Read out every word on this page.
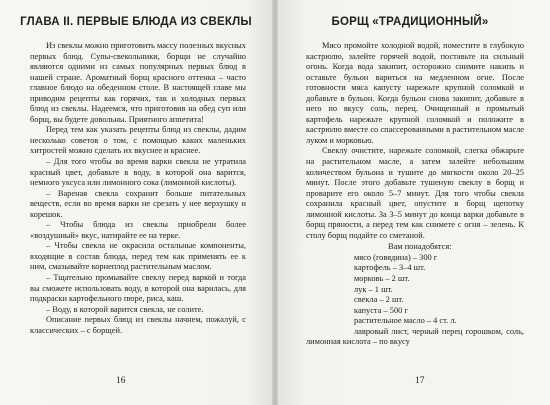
ГЛАВА II. ПЕРВЫЕ БЛЮДА ИЗ СВЕКЛЫ

Из свеклы можно приготовить массу полезных вкусных первых блюд. Супы-свекольники, борщи не случайно являются одними из самых популярных первых блюд в нашей стране. Ароматный борщ красного оттенка – часто главное блюдо на обеденном столе. В настоящей главе мы приводим рецепты как горячих, так и холодных первых блюд из свеклы. Надеемся, что приготовив на обед суп или борщ, вы будете довольны. Приятного аппетита!

Перед тем как указать рецепты блюд из свеклы, дадим несколько советов о том, с помощью каких маленьких хитростей можно сделать их вкуснее и краснее.

– Для того чтобы во время варки свекла не утратила красный цвет, добавьте в воду, в которой она варится, немного уксуса или лимонного сока (лимонной кислоты).

– Вареная свекла сохранит больше питательных веществ, если во время варки не срезать у нее верхушку и корешок.

– Чтобы блюда из свеклы приобрели более «воздушный» вкус, натирайте ее на терке.

– Чтобы свекла не окрасила остальные компоненты, входящие в состав блюда, перед тем как применять ее к ним, смазывайте корнеплод растительным маслом.

– Тщательно промывайте свеклу перед варкой и тогда вы сможете использовать воду, в которой она варилась, для подкраски картофельного пюре, риса, каш.

– Воду, в которой варится свекла, не солите.

Описание первых блюд из свеклы начнем, пожалуй, с классических – с борщей.

16
БОРЩ «ТРАДИЦИОННЫЙ»

Мясо промойте холодной водой, поместите в глубокую кастрюлю, залейте горячей водой, поставьте на сильный огонь. Когда вода закипит, осторожно снимите накипь и оставьте бульон вариться на медленном огне. После готовности мяса капусту нарежьте крупной соломкой и добавьте в бульон. Когда бульон снова закипит, добавьте в него по вкусу соль, перец. Очищенный и промытый картофель нарежьте крупной соломкой и положите в кастрюлю вместе со спассерованными в растительном масле луком и морковью.

Свеклу очистите, нарежьте соломкой, слегка обжарьте на растительном масле, а затем залейте небольшим количеством бульона и тушите до мягкости около 20–25 минут. После этого добавьте тушеную свеклу в борщ и проварите его около 5–7 минут. Для того чтобы свекла сохранила красный цвет, опустите в борщ щепотку лимонной кислоты. За 3–5 минут до конца варки добавьте в борщ пряности, а перед тем как снимете с огня – зелень. К столу борщ подайте со сметаной.

Вам понадобятся:

мясо (говядина) – 300 г

картофель – 3–4 шт.

морковь – 2 шт.

лук – 1 шт.

свекла – 2 шт.

капуста – 500 г

растительное масло – 4 ст. л.

лавровый лист, черный перец горошком, соль,

лимонная кислота – по вкусу

17
